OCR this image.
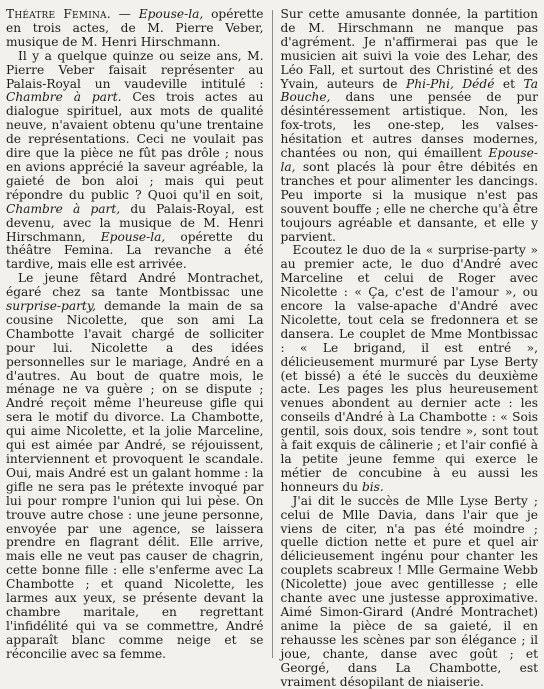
Théatre Femina. — Epouse-la, opérette en trois actes, de M. Pierre Veber, musique de M. Henri Hirschmann.

Il y a quelque quinze ou seize ans, M. Pierre Veber faisait représenter au Palais-Royal un vaudeville intitulé : Chambre à part. Ces trois actes au dialogue spirituel, aux mots de qualité neuve, n'avaient obtenu qu'une trentaine de représentations. Ceci ne voulait pas dire que la pièce ne fût pas drôle ; nous en avions apprécié la saveur agréable, la gaieté de bon aloi ; mais qui peut répondre du public ? Quoi qu'il en soit, Chambre à part, du Palais-Royal, est devenu, avec la musique de M. Henri Hirschmann, Epouse-la, opérette du théâtre Femina. La revanche a été tardive, mais elle est arrivée.

Le jeune fêtard André Montrachet, égaré chez sa tante Montbissac une surprise-party, demande la main de sa cousine Nicolette, que son ami La Chambotte l'avait chargé de solliciter pour lui. Nicolette a des idées personnelles sur le mariage, André en a d'autres. Au bout de quatre mois, le ménage ne va guère ; on se dispute ; André reçoit même l'heureuse gifle qui sera le motif du divorce. La Chambotte, qui aime Nicolette, et la jolie Marceline, qui est aimée par André, se réjouissent, interviennent et provoquent le scandale. Oui, mais André est un galant homme : la gifle ne sera pas le prétexte invoqué par lui pour rompre l'union qui lui pèse. On trouve autre chose : une jeune personne, envoyée par une agence, se laissera prendre en flagrant délit. Elle arrive, mais elle ne veut pas causer de chagrin, cette bonne fille : elle s'enferme avec La Chambotte ; et quand Nicolette, les larmes aux yeux, se présente devant la chambre maritale, en regrettant l'infidélité qui va se commettre, André apparaît blanc comme neige et se réconcilie avec sa femme.

Sur cette amusante donnée, la partition de M. Hirschmann ne manque pas d'agrément. Je n'affirmerai pas que le musicien ait suivi la voie des Lehar, des Léo Fall, et surtout des Christiné et des Yvain, auteurs de Phi-Phi, Dédé et Ta Bouche, dans une pensée de pur désintéressement artistique. Non, les fox-trots, les one-step, les valses-hésitation et autres danses modernes, chantées ou non, qui émaillent Epouse-la, sont placés là pour être débités en tranches et pour alimenter les dancings. Peu importe si la musique n'est pas souvent bouffe ; elle ne cherche qu'à être toujours agréable et dansante, et elle y parvient.

Ecoutez le duo de la « surprise-party » au premier acte, le duo d'André avec Marceline et celui de Roger avec Nicolette : « Ça, c'est de l'amour », ou encore la valse-apache d'André avec Nicolette, tout cela se fredonnera et se dansera. Le couplet de Mme Montbissac : « Le brigand, il est entré », délicieusement murmuré par Lyse Berty (et bissé) a été le succès du deuxième acte. Les pages les plus heureusement venues abondent au dernier acte : les conseils d'André à La Chambotte : « Sois gentil, sois doux, sois tendre », sont tout à fait exquis de câlinerie ; et l'air confié à la petite jeune femme qui exerce le métier de concubine à eu aussi les honneurs du bis.

J'ai dit le succès de Mlle Lyse Berty ; celui de Mlle Davia, dans l'air que je viens de citer, n'a pas été moindre ; quelle diction nette et pure et quel air délicieusement ingénu pour chanter les couplets scabreux ! Mlle Germaine Webb (Nicolette) joue avec gentillesse ; elle chante avec une justesse approximative. Aimé Simon-Girard (André Montrachet) anime la pièce de sa gaieté, il en rehausse les scènes par son élégance ; il joue, chante, danse avec goût ; et Georgé, dans La Chambotte, est vraiment désopilant de niaiserie.
